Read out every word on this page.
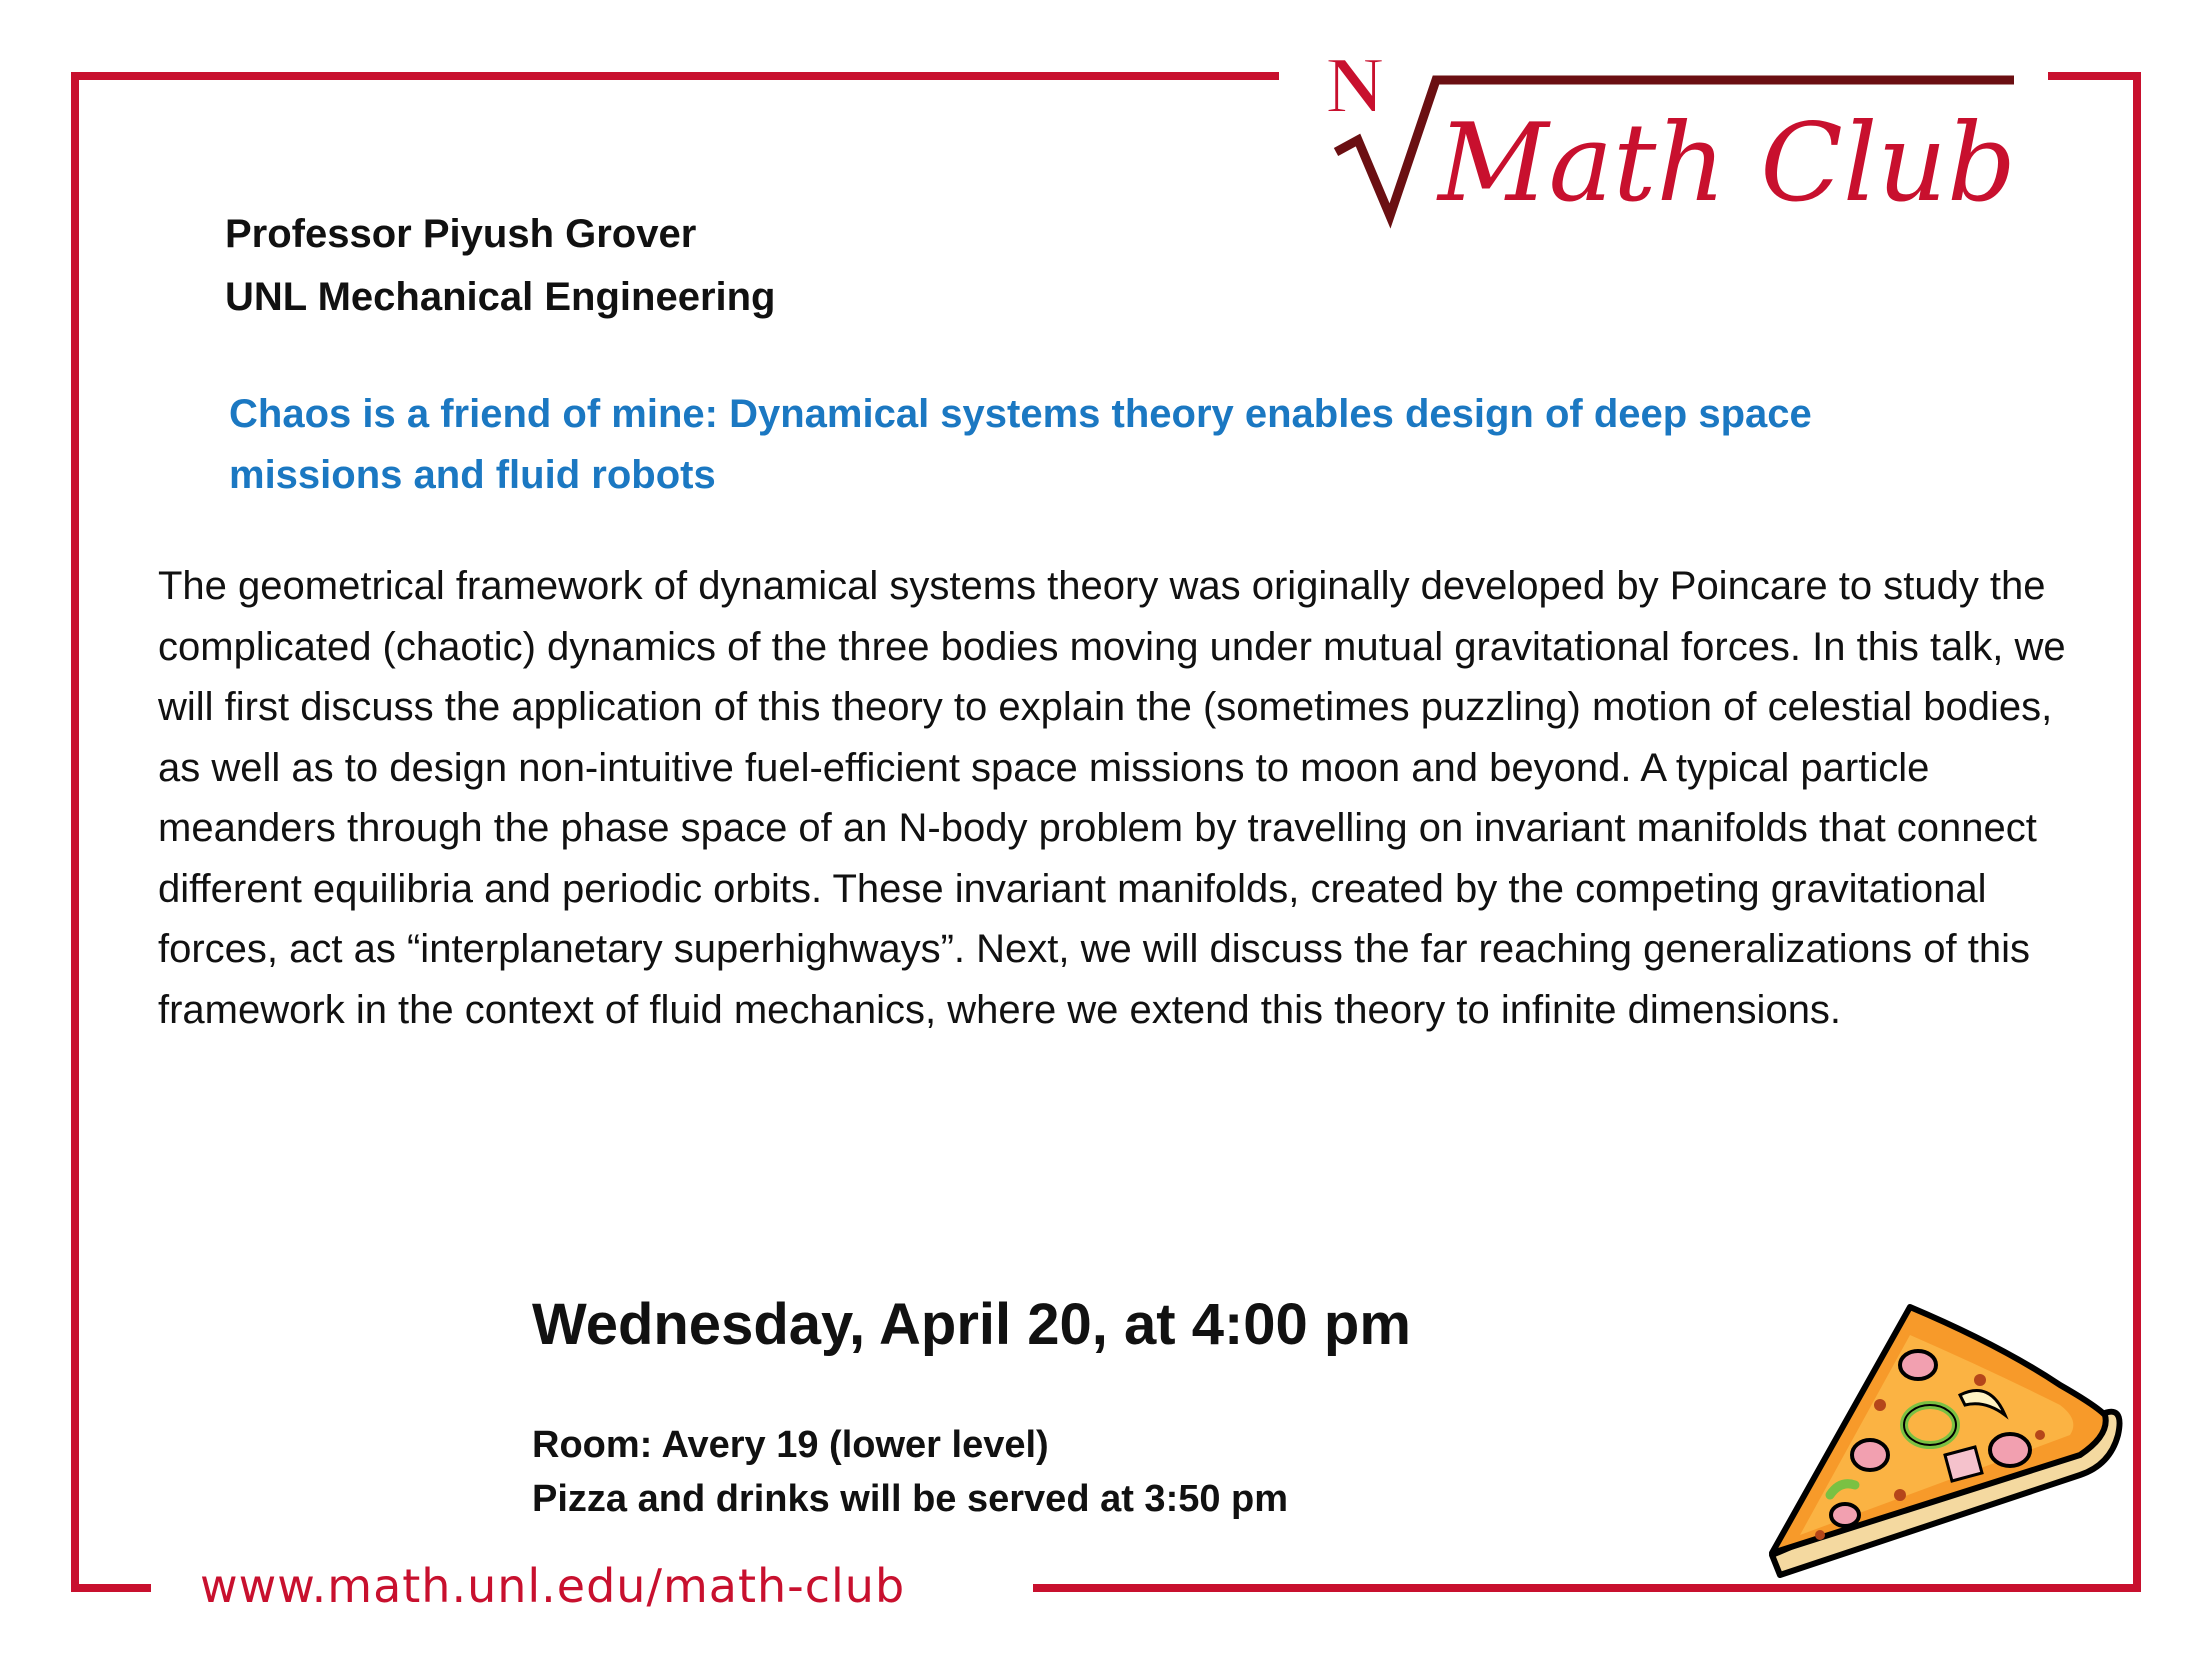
N
Math Club
Professor Piyush Grover
UNL Mechanical Engineering
Chaos is a friend of mine: Dynamical systems theory enables design of deep space missions and fluid robots
The geometrical framework of dynamical systems theory was originally developed by Poincare to study the complicated (chaotic) dynamics of the three bodies moving under mutual gravitational forces. In this talk, we will first discuss the application of this theory to explain the (sometimes puzzling) motion of celestial bodies, as well as to design non-intuitive fuel-efficient space missions to moon and beyond. A typical particle meanders through the phase space of an N-body problem by travelling on invariant manifolds that connect different equilibria and periodic orbits. These invariant manifolds, created by the competing gravitational forces, act as “interplanetary superhighways”. Next, we will discuss the far reaching generalizations of this framework in the context of fluid mechanics, where we extend this theory to infinite dimensions.
Wednesday, April 20, at 4:00 pm
Room: Avery 19 (lower level)
Pizza and drinks will be served at 3:50 pm
www.math.unl.edu/math-club
